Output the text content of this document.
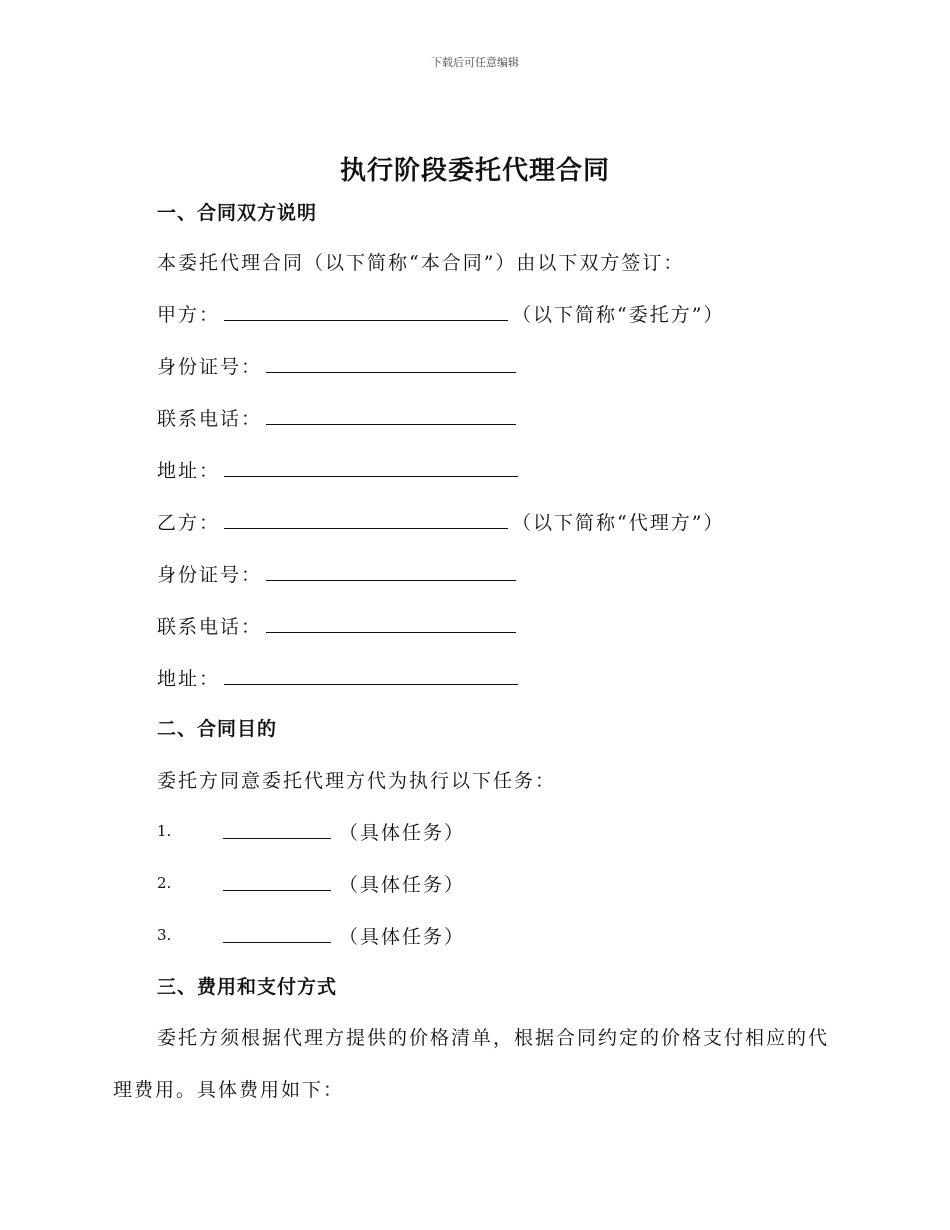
下载后可任意编辑
执行阶段委托代理合同
一、合同双方说明
本委托代理合同（以下简称“本合同”）由以下双方签订：
甲方：	（以下简称“委托方”）
身份证号：
联系电话：
地址：
乙方：	（以下简称“代理方”）
身份证号：
联系电话：
地址：
二、合同目的
委托方同意委托代理方代为执行以下任务：
1.	（具体任务）
2.	（具体任务）
3.	（具体任务）
三、费用和支付方式
委托方须根据代理方提供的价格清单，根据合同约定的价格支付相应的代理费用。具体费用如下：
